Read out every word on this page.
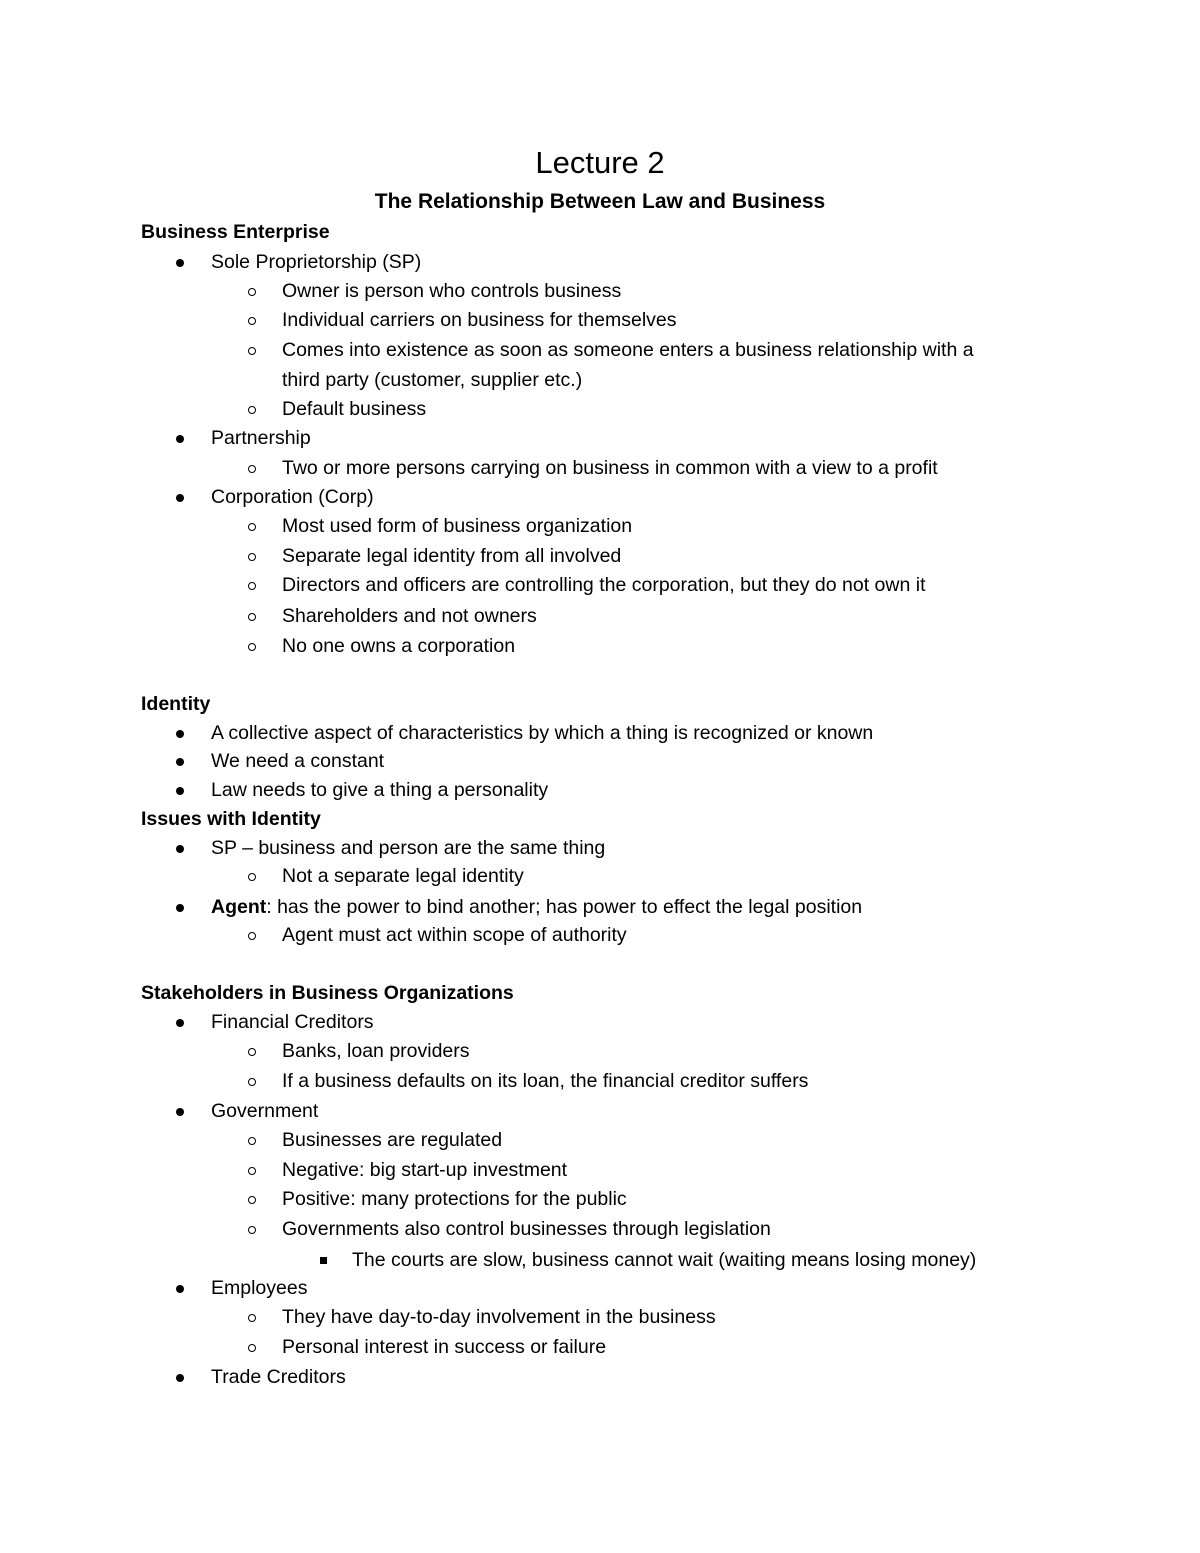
Lecture 2
The Relationship Between Law and Business
Business Enterprise
Sole Proprietorship (SP)
Owner is person who controls business
Individual carriers on business for themselves
Comes into existence as soon as someone enters a business relationship with a
third party (customer, supplier etc.)
Default business
Partnership
Two or more persons carrying on business in common with a view to a profit
Corporation (Corp)
Most used form of business organization
Separate legal identity from all involved
Directors and officers are controlling the corporation, but they do not own it
Shareholders and not owners
No one owns a corporation
Identity
A collective aspect of characteristics by which a thing is recognized or known
We need a constant
Law needs to give a thing a personality
Issues with Identity
SP – business and person are the same thing
Not a separate legal identity
Agent: has the power to bind another; has power to effect the legal position
Agent must act within scope of authority
Stakeholders in Business Organizations
Financial Creditors
Banks, loan providers
If a business defaults on its loan, the financial creditor suffers
Government
Businesses are regulated
Negative: big start-up investment
Positive: many protections for the public
Governments also control businesses through legislation
The courts are slow, business cannot wait (waiting means losing money)
Employees
They have day-to-day involvement in the business
Personal interest in success or failure
Trade Creditors
